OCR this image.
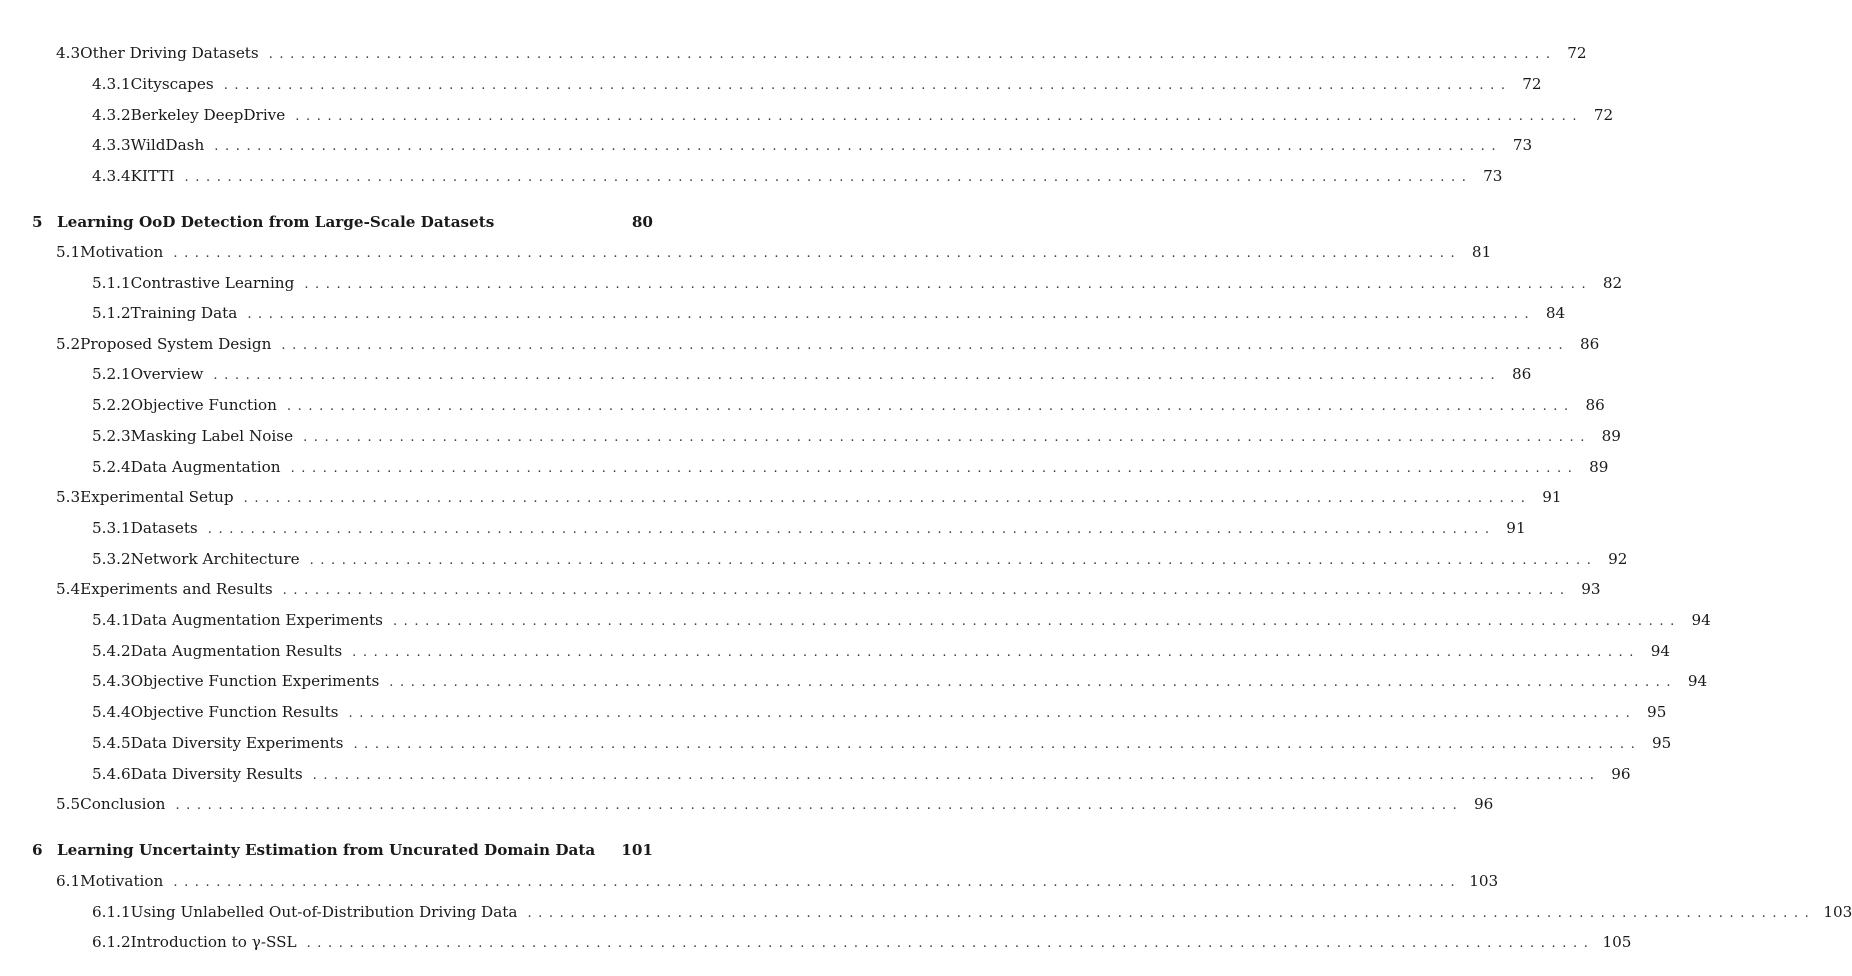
4.3 Other Driving Datasets ........................................................................................................................ 72
4.3.1 Cityscapes ........................................................................................................................ 72
4.3.2 Berkeley DeepDrive ........................................................................................................................ 72
4.3.3 WildDash ........................................................................................................................ 73
4.3.4 KITTI ........................................................................................................................ 73
5 Learning OoD Detection from Large-Scale Datasets	80
5.1 Motivation ........................................................................................................................ 81
5.1.1 Contrastive Learning ........................................................................................................................ 82
5.1.2 Training Data ........................................................................................................................ 84
5.2 Proposed System Design ........................................................................................................................ 86
5.2.1 Overview ........................................................................................................................ 86
5.2.2 Objective Function ........................................................................................................................ 86
5.2.3 Masking Label Noise ........................................................................................................................ 89
5.2.4 Data Augmentation ........................................................................................................................ 89
5.3 Experimental Setup ........................................................................................................................ 91
5.3.1 Datasets ........................................................................................................................ 91
5.3.2 Network Architecture ........................................................................................................................ 92
5.4 Experiments and Results ........................................................................................................................ 93
5.4.1 Data Augmentation Experiments ........................................................................................................................ 94
5.4.2 Data Augmentation Results ........................................................................................................................ 94
5.4.3 Objective Function Experiments ........................................................................................................................ 94
5.4.4 Objective Function Results ........................................................................................................................ 95
5.4.5 Data Diversity Experiments ........................................................................................................................ 95
5.4.6 Data Diversity Results ........................................................................................................................ 96
5.5 Conclusion ........................................................................................................................ 96
6 Learning Uncertainty Estimation from Uncurated Domain Data	101
6.1 Motivation ........................................................................................................................ 103
6.1.1 Using Unlabelled Out-of-Distribution Driving Data ........................................................................................................................ 103
6.1.2 Introduction to γ-SSL ........................................................................................................................ 105
